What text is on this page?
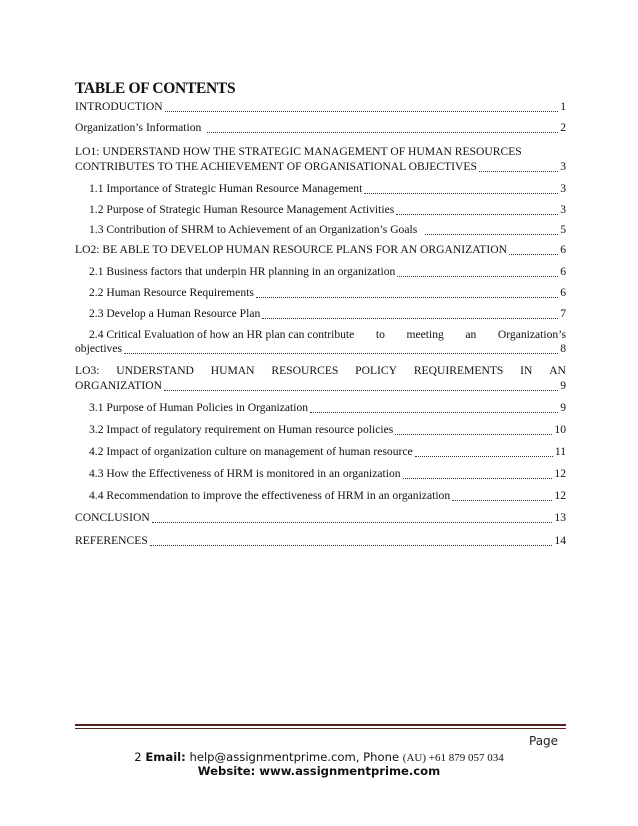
TABLE OF CONTENTS
INTRODUCTION	1
Organization’s Information	2
LO1: UNDERSTAND HOW THE STRATEGIC MANAGEMENT OF HUMAN RESOURCES
CONTRIBUTES TO THE ACHIEVEMENT OF ORGANISATIONAL OBJECTIVES	3
1.1 Importance of Strategic Human Resource Management	3
1.2 Purpose of Strategic Human Resource Management Activities	3
1.3 Contribution of SHRM to Achievement of an Organization’s Goals	5
LO2: BE ABLE TO DEVELOP HUMAN RESOURCE PLANS FOR AN ORGANIZATION	6
2.1 Business factors that underpin HR planning in an organization	6
2.2 Human Resource Requirements	6
2.3 Develop a Human Resource Plan	7
2.4 Critical Evaluation of how an HR plan can contribute to meeting an Organization’s
objectives	8
LO3: UNDERSTAND HUMAN RESOURCES POLICY REQUIREMENTS IN AN
ORGANIZATION	9
3.1 Purpose of Human Policies in Organization	9
3.2 Impact of regulatory requirement on Human resource policies	10
4.2 Impact of organization culture on management of human resource	11
4.3 How the Effectiveness of HRM is monitored in an organization	12
4.4 Recommendation to improve the effectiveness of HRM in an organization	12
CONCLUSION	13
REFERENCES	14
Page
2 Email: help@assignmentprime.com, Phone (AU) +61 879 057 034
Website: www.assignmentprime.com
